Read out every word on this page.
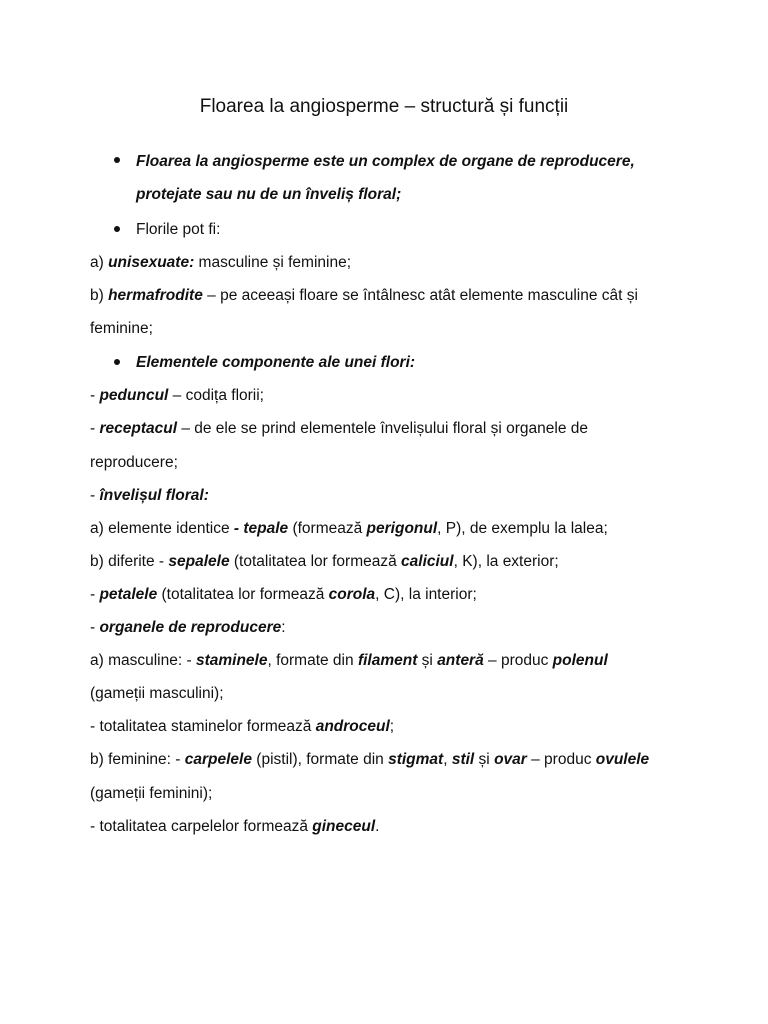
Floarea la angiosperme – structură și funcții
Floarea la angiosperme este un complex de organe de reproducere,
protejate sau nu de un înveliș floral;
Florile pot fi:
a) unisexuate: masculine și feminine;
b) hermafrodite – pe aceeași floare se întâlnesc atât elemente masculine cât și
feminine;
Elementele componente ale unei flori:
- peduncul – codița florii;
- receptacul – de ele se prind elementele învelișului floral și organele de
reproducere;
- învelișul floral:
a) elemente identice - tepale (formează perigonul, P), de exemplu la lalea;
b) diferite - sepalele (totalitatea lor formează caliciul, K), la exterior;
- petalele (totalitatea lor formează corola, C), la interior;
- organele de reproducere:
a) masculine: - staminele, formate din filament și anteră – produc polenul
(gameții masculini);
- totalitatea staminelor formează androceul;
b) feminine: - carpelele (pistil), formate din stigmat, stil și ovar – produc ovulele
(gameții feminini);
- totalitatea carpelelor formează gineceul.
